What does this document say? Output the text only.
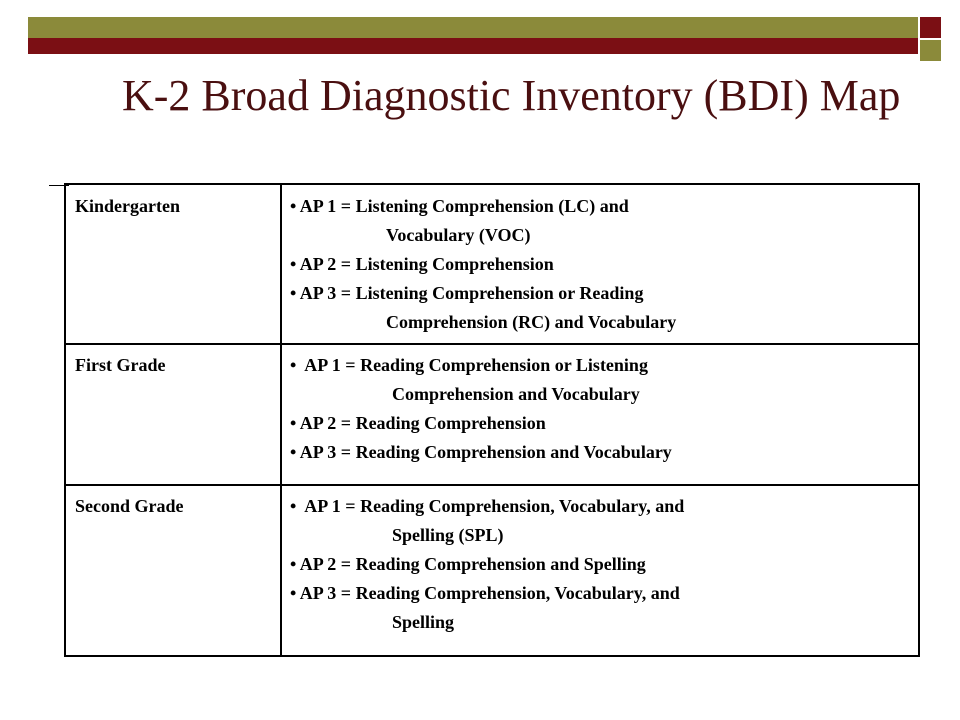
K-2 Broad Diagnostic Inventory (BDI) Map
Kindergarten	• AP 1 = Listening Comprehension (LC) and
Vocabulary (VOC)
• AP 2 = Listening Comprehension
• AP 3 = Listening Comprehension or Reading
Comprehension (RC) and Vocabulary

First Grade	•  AP 1 = Reading Comprehension or Listening
Comprehension and Vocabulary
• AP 2 = Reading Comprehension
• AP 3 = Reading Comprehension and Vocabulary

Second Grade	•  AP 1 = Reading Comprehension, Vocabulary, and
Spelling (SPL)
• AP 2 = Reading Comprehension and Spelling
• AP 3 = Reading Comprehension, Vocabulary, and
Spelling
